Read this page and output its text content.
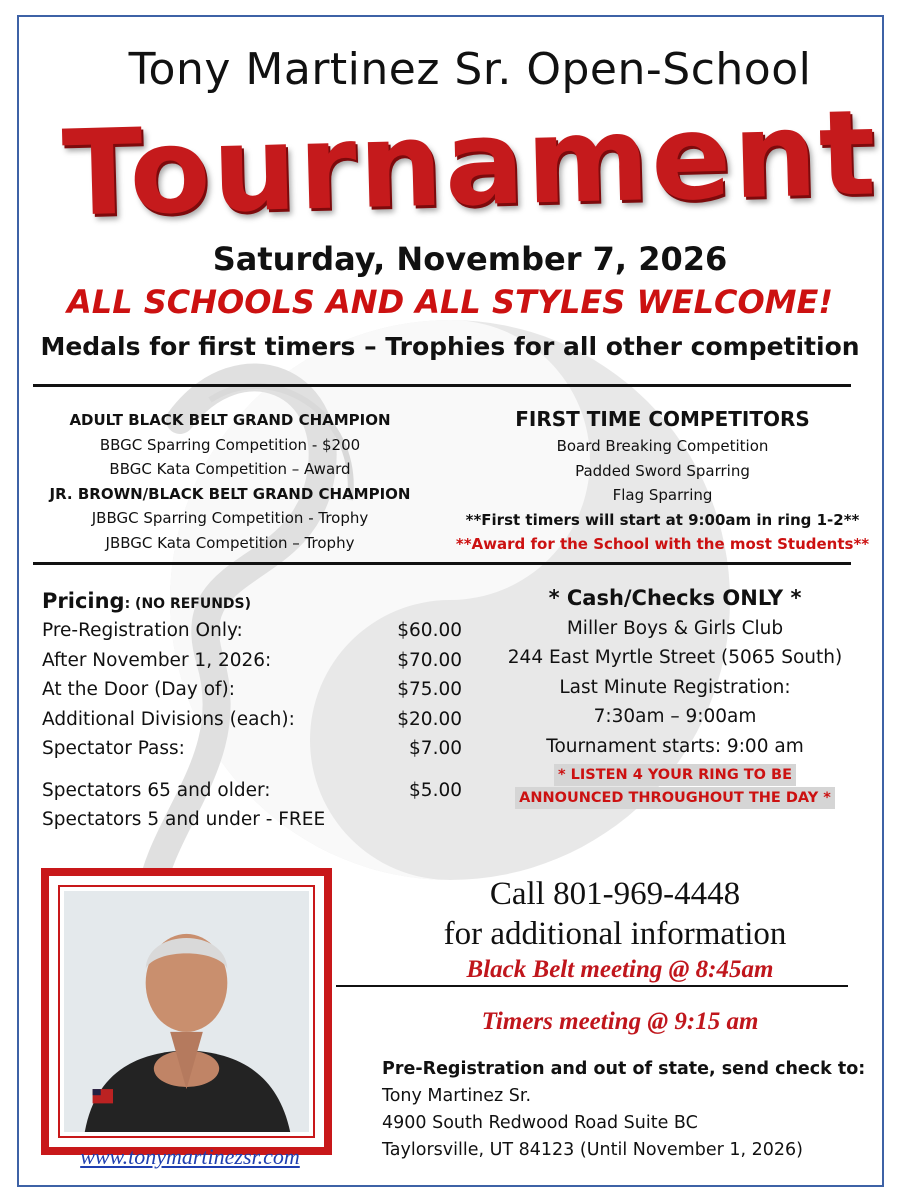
Tony Martinez Sr. Open-School
Tournament
Saturday, November 7, 2026
ALL SCHOOLS AND ALL STYLES WELCOME!
Medals for first timers – Trophies for all other competition
ADULT BLACK BELT GRAND CHAMPION
BBGC Sparring Competition - $200
BBGC Kata Competition – Award
JR. BROWN/BLACK BELT GRAND CHAMPION
JBBGC Sparring Competition - Trophy
JBBGC Kata Competition – Trophy
FIRST TIME COMPETITORS
Board Breaking Competition
Padded Sword Sparring
Flag Sparring
**First timers will start at 9:00am in ring 1-2**
**Award for the School with the most Students**
Pricing: (NO REFUNDS)
Pre-Registration Only:	$60.00
After November 1, 2026:	$70.00
At the Door (Day of):	$75.00
Additional Divisions (each):	$20.00
Spectator Pass:	$7.00
Spectators 65 and older:	$5.00
Spectators 5 and under - FREE
* Cash/Checks ONLY *
Miller Boys & Girls Club
244 East Myrtle Street (5065 South)
Last Minute Registration:
7:30am – 9:00am
Tournament starts: 9:00 am
* LISTEN 4 YOUR RING TO BE
ANNOUNCED THROUGHOUT THE DAY *
www.tonymartinezsr.com
Call 801-969-4448
for additional information
Black Belt meeting @ 8:45am
Timers meeting @ 9:15 am
Pre-Registration and out of state, send check to:
Tony Martinez Sr.
4900 South Redwood Road Suite BC
Taylorsville, UT 84123 (Until November 1, 2026)
